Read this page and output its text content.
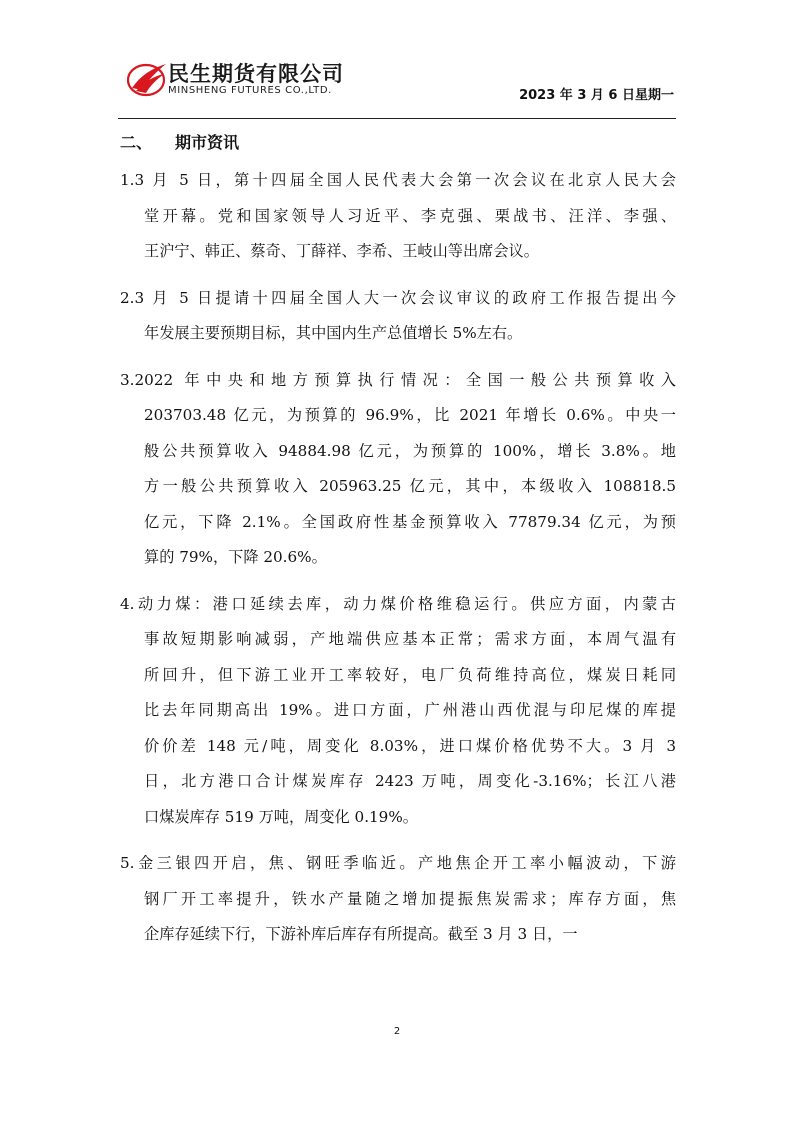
民生期货有限公司
MINSHENG FUTURES CO.,LTD.	2023 年 3 月 6 日星期一
二、 期市资讯
1.3 月 5 日，第十四届全国人民代表大会第一次会议在北京人民大会
堂开幕。党和国家领导人习近平、李克强、栗战书、汪洋、李强、
王沪宁、韩正、蔡奇、丁薛祥、李希、王岐山等出席会议。
2.3 月 5 日提请十四届全国人大一次会议审议的政府工作报告提出今
年发展主要预期目标，其中国内生产总值增长 5%左右。
3.2022 年中央和地方预算执行情况：全国一般公共预算收入
203703.48 亿元，为预算的 96.9%，比 2021 年增长 0.6%。中央一
般公共预算收入 94884.98 亿元，为预算的 100%，增长 3.8%。地
方一般公共预算收入 205963.25 亿元，其中，本级收入 108818.5
亿元，下降 2.1%。全国政府性基金预算收入 77879.34 亿元，为预
算的 79%，下降 20.6%。
4.动力煤：港口延续去库，动力煤价格维稳运行。供应方面，内蒙古
事故短期影响减弱，产地端供应基本正常；需求方面，本周气温有
所回升，但下游工业开工率较好，电厂负荷维持高位，煤炭日耗同
比去年同期高出 19%。进口方面，广州港山西优混与印尼煤的库提
价价差 148 元/吨，周变化 8.03%，进口煤价格优势不大。3 月 3
日，北方港口合计煤炭库存 2423 万吨，周变化-3.16%；长江八港
口煤炭库存 519 万吨，周变化 0.19%。
5.金三银四开启，焦、钢旺季临近。产地焦企开工率小幅波动，下游
钢厂开工率提升，铁水产量随之增加提振焦炭需求；库存方面，焦
企库存延续下行，下游补库后库存有所提高。截至 3 月 3 日，一
2
